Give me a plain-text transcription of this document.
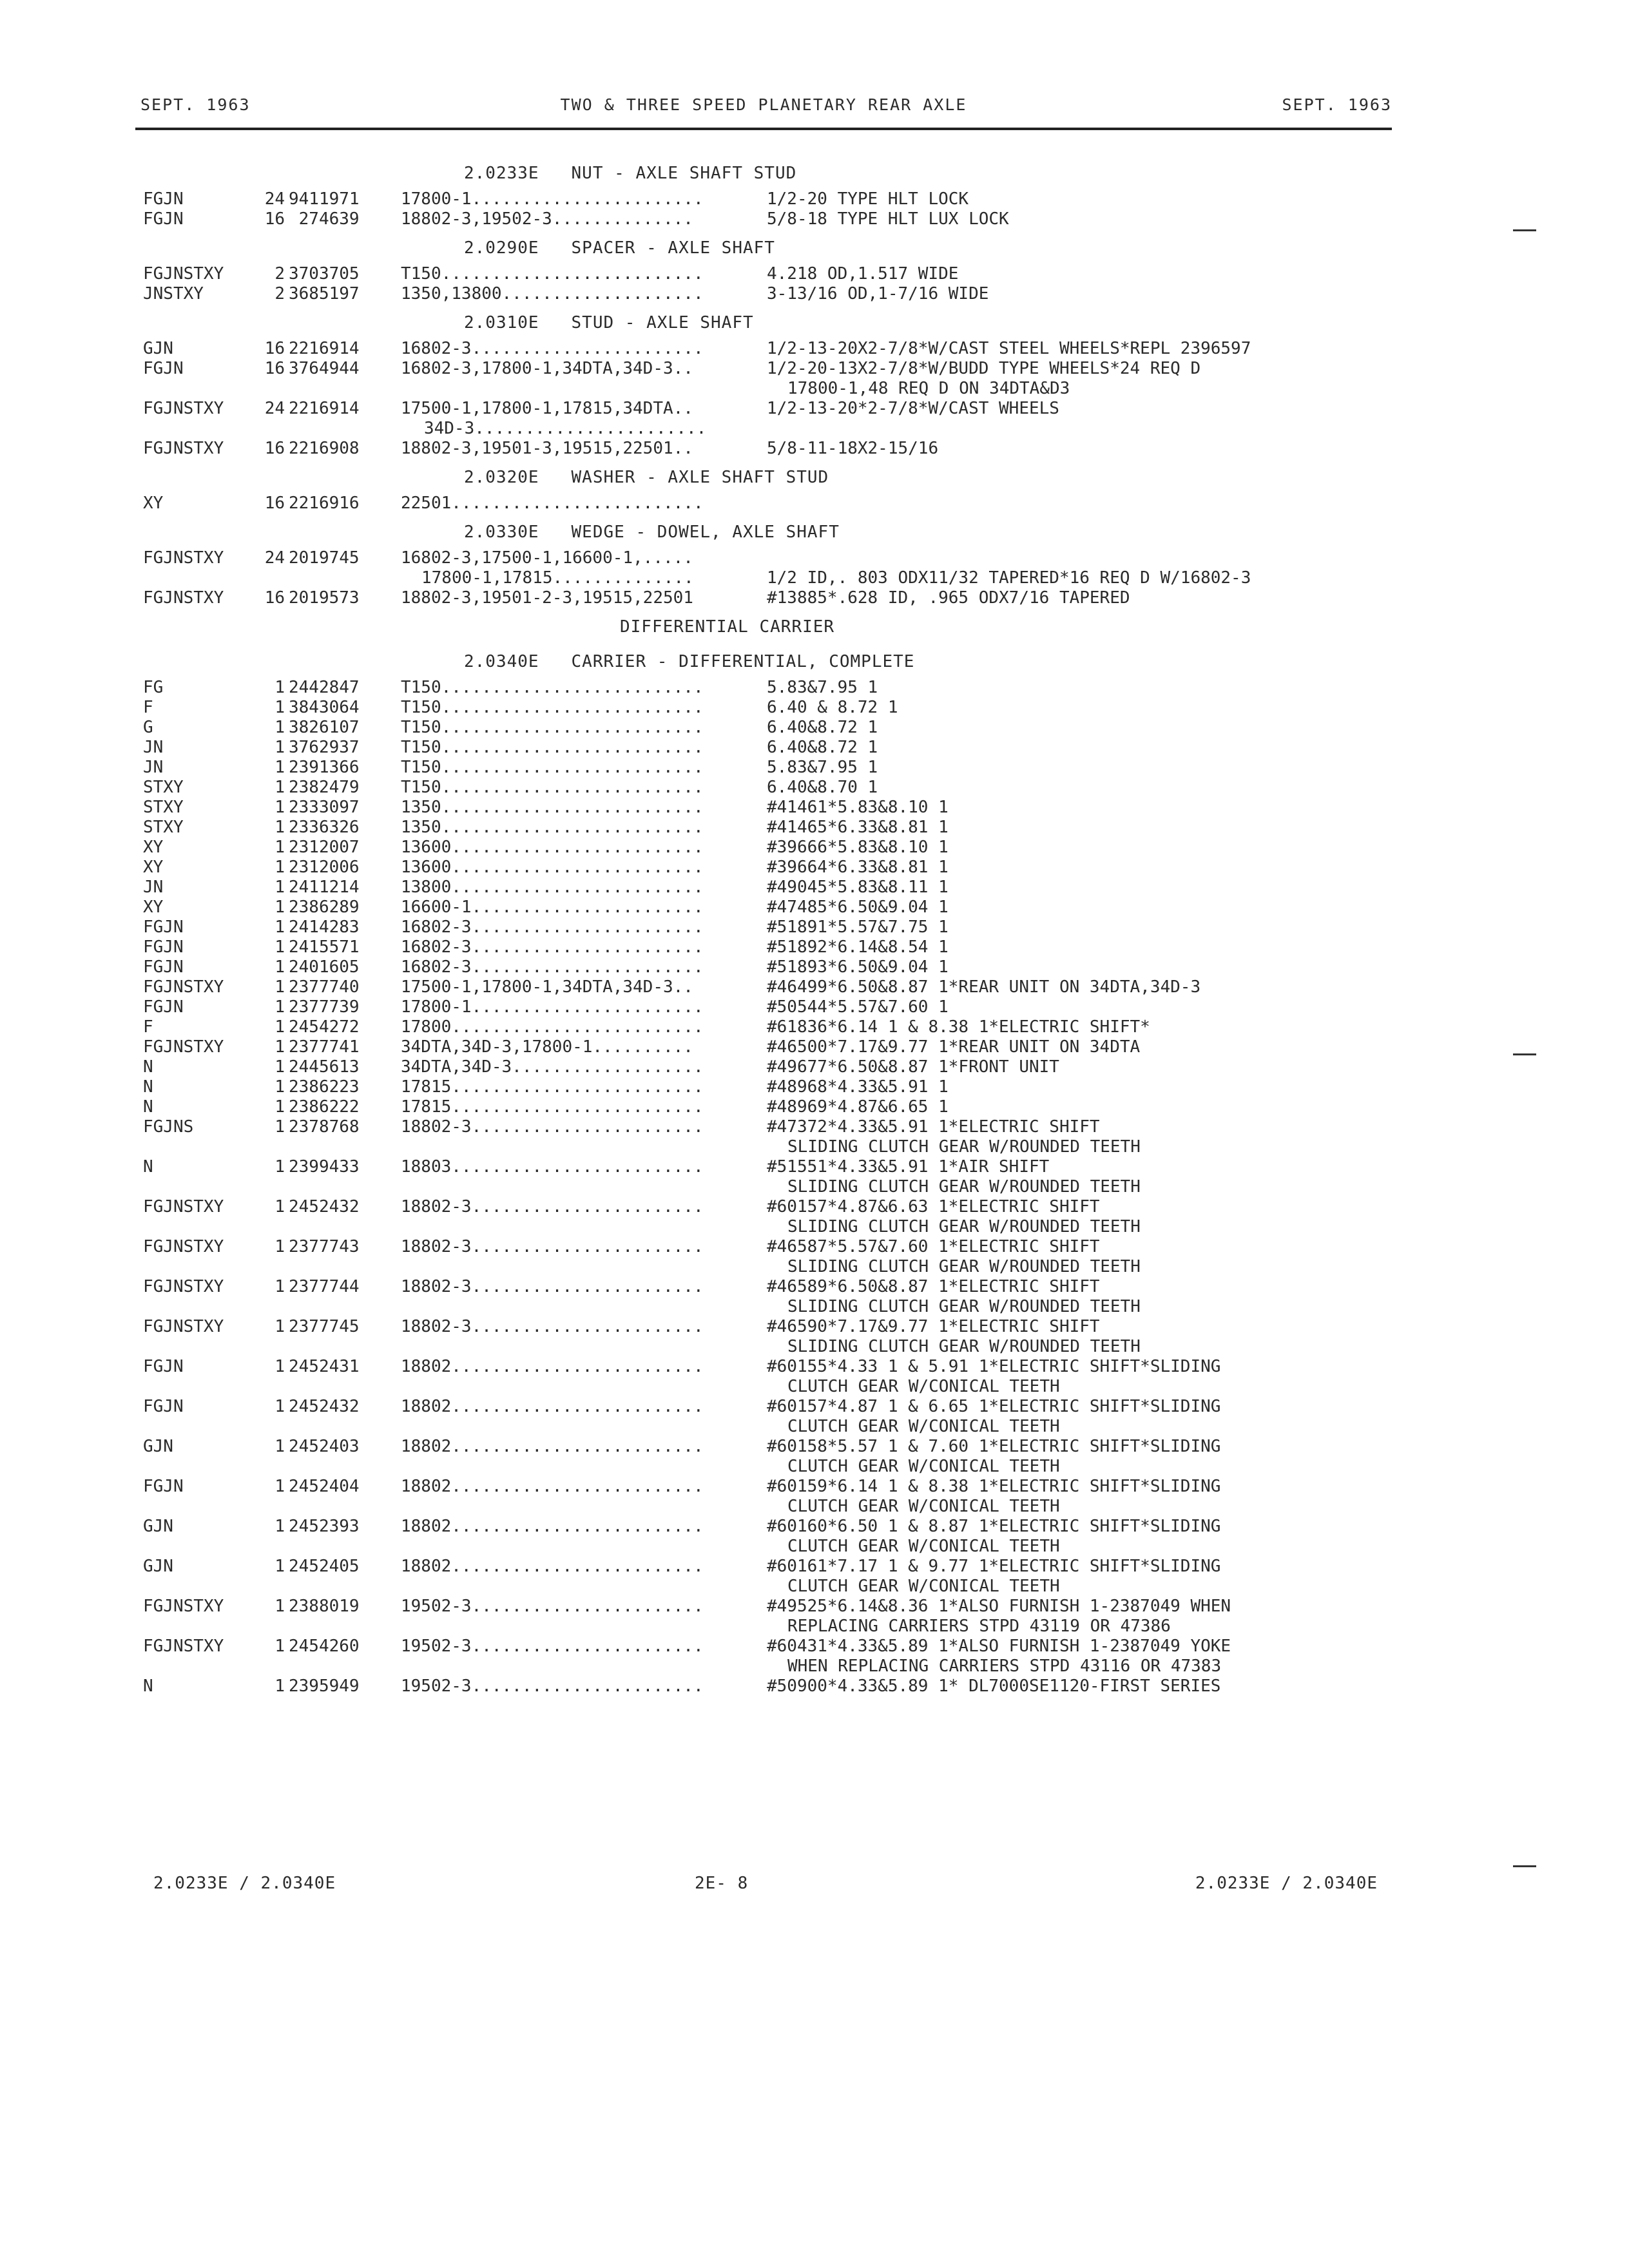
SEPT. 1963	TWO & THREE SPEED PLANETARY REAR AXLE	SEPT. 1963
2.0233E   NUT - AXLE SHAFT STUD
FGJN	24 9411971 17800-1.......................	1/2-20 TYPE HLT LOCK
FGJN	16 274639 18802-3,19502-3..............	5/8-18 TYPE HLT LUX LOCK
2.0290E   SPACER - AXLE SHAFT
FGJNSTXY	2 3703705 T150..........................	4.218 OD,1.517 WIDE
JNSTXY	2 3685197 1350,13800....................	3-13/16 OD,1-7/16 WIDE
2.0310E   STUD - AXLE SHAFT
GJN	16 2216914 16802-3.......................	1/2-13-20X2-7/8*W/CAST STEEL WHEELS*REPL 2396597
FGJN	16 3764944 16802-3,17800-1,34DTA,34D-3..	1/2-20-13X2-7/8*W/BUDD TYPE WHEELS*24 REQ D
17800-1,48 REQ D ON 34DTA&D3
FGJNSTXY 24 2216914 17500-1,17800-1,17815,34DTA..	1/2-13-20*2-7/8*W/CAST WHEELS
34D-3.......................
FGJNSTXY 16 2216908 18802-3,19501-3,19515,22501..	5/8-11-18X2-15/16
2.0320E   WASHER - AXLE SHAFT STUD
XY	16 2216916 22501.........................
2.0330E   WEDGE - DOWEL, AXLE SHAFT
FGJNSTXY 24 2019745 16802-3,17500-1,16600-1,.....
17800-1,17815..............	1/2 ID,. 803 ODX11/32 TAPERED*16 REQ D W/16802-3
FGJNSTXY 16 2019573 18802-3,19501-2-3,19515,22501	#13885*.628 ID, .965 ODX7/16 TAPERED
DIFFERENTIAL CARRIER
2.0340E   CARRIER - DIFFERENTIAL, COMPLETE
FG	1 2442847 T150..........................	5.83&7.95 1
F	1 3843064 T150..........................	6.40 & 8.72 1
G	1 3826107 T150..........................	6.40&8.72 1
JN	1 3762937 T150..........................	6.40&8.72 1
JN	1 2391366 T150..........................	5.83&7.95 1
STXY	1 2382479 T150..........................	6.40&8.70 1
STXY	1 2333097 1350..........................	#41461*5.83&8.10 1
STXY	1 2336326 1350..........................	#41465*6.33&8.81 1
XY	1 2312007 13600.........................	#39666*5.83&8.10 1
XY	1 2312006 13600.........................	#39664*6.33&8.81 1
JN	1 2411214 13800.........................	#49045*5.83&8.11 1
XY	1 2386289 16600-1.......................	#47485*6.50&9.04 1
FGJN	1 2414283 16802-3.......................	#51891*5.57&7.75 1
FGJN	1 2415571 16802-3.......................	#51892*6.14&8.54 1
FGJN	1 2401605 16802-3.......................	#51893*6.50&9.04 1
FGJNSTXY	1 2377740 17500-1,17800-1,34DTA,34D-3..	#46499*6.50&8.87 1*REAR UNIT ON 34DTA,34D-3
FGJN	1 2377739 17800-1.......................	#50544*5.57&7.60 1
F	1 2454272 17800.........................	#61836*6.14 1 & 8.38 1*ELECTRIC SHIFT*
FGJNSTXY	1 2377741 34DTA,34D-3,17800-1..........	#46500*7.17&9.77 1*REAR UNIT ON 34DTA
N	1 2445613 34DTA,34D-3...................	#49677*6.50&8.87 1*FRONT UNIT
N	1 2386223 17815.........................	#48968*4.33&5.91 1
N	1 2386222 17815.........................	#48969*4.87&6.65 1
FGJNS	1 2378768 18802-3.......................	#47372*4.33&5.91 1*ELECTRIC SHIFT
SLIDING CLUTCH GEAR W/ROUNDED TEETH
N	1 2399433 18803.........................	#51551*4.33&5.91 1*AIR SHIFT
SLIDING CLUTCH GEAR W/ROUNDED TEETH
FGJNSTXY	1 2452432 18802-3.......................	#60157*4.87&6.63 1*ELECTRIC SHIFT
SLIDING CLUTCH GEAR W/ROUNDED TEETH
FGJNSTXY	1 2377743 18802-3.......................	#46587*5.57&7.60 1*ELECTRIC SHIFT
SLIDING CLUTCH GEAR W/ROUNDED TEETH
FGJNSTXY	1 2377744 18802-3.......................	#46589*6.50&8.87 1*ELECTRIC SHIFT
SLIDING CLUTCH GEAR W/ROUNDED TEETH
FGJNSTXY	1 2377745 18802-3.......................	#46590*7.17&9.77 1*ELECTRIC SHIFT
SLIDING CLUTCH GEAR W/ROUNDED TEETH
FGJN	1 2452431 18802.........................	#60155*4.33 1 & 5.91 1*ELECTRIC SHIFT*SLIDING
CLUTCH GEAR W/CONICAL TEETH
FGJN	1 2452432 18802.........................	#60157*4.87 1 & 6.65 1*ELECTRIC SHIFT*SLIDING
CLUTCH GEAR W/CONICAL TEETH
GJN	1 2452403 18802.........................	#60158*5.57 1 & 7.60 1*ELECTRIC SHIFT*SLIDING
CLUTCH GEAR W/CONICAL TEETH
FGJN	1 2452404 18802.........................	#60159*6.14 1 & 8.38 1*ELECTRIC SHIFT*SLIDING
CLUTCH GEAR W/CONICAL TEETH
GJN	1 2452393 18802.........................	#60160*6.50 1 & 8.87 1*ELECTRIC SHIFT*SLIDING
CLUTCH GEAR W/CONICAL TEETH
GJN	1 2452405 18802.........................	#60161*7.17 1 & 9.77 1*ELECTRIC SHIFT*SLIDING
CLUTCH GEAR W/CONICAL TEETH
FGJNSTXY	1 2388019 19502-3.......................	#49525*6.14&8.36 1*ALSO FURNISH 1-2387049 WHEN
REPLACING CARRIERS STPD 43119 OR 47386
FGJNSTXY	1 2454260 19502-3.......................	#60431*4.33&5.89 1*ALSO FURNISH 1-2387049 YOKE
WHEN REPLACING CARRIERS STPD 43116 OR 47383
N	1 2395949 19502-3.......................	#50900*4.33&5.89 1* DL7000SE1120-FIRST SERIES
2.0233E / 2.0340E	2E- 8	2.0233E / 2.0340E
